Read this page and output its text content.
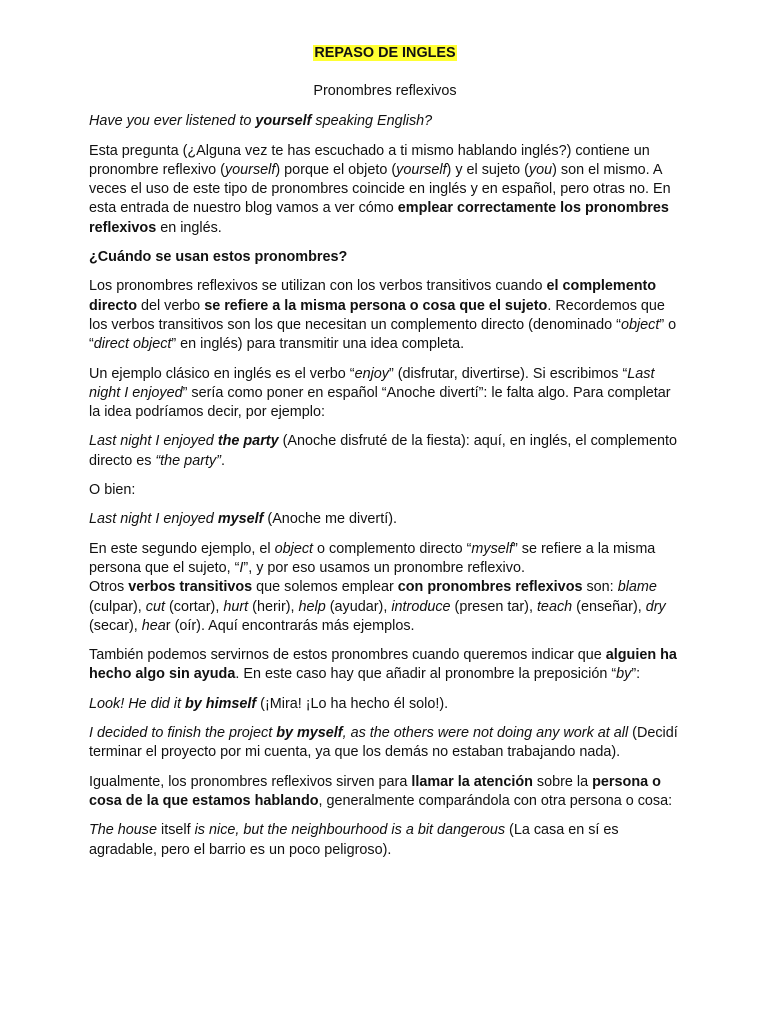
REPASO DE INGLES

Pronombres reflexivos

Have you ever listened to yourself speaking English?

Esta pregunta (¿Alguna vez te has escuchado a ti mismo hablando inglés?) contiene un pronombre reflexivo (yourself) porque el objeto (yourself) y el sujeto (you) son el mismo. A veces el uso de este tipo de pronombres coincide en inglés y en español, pero otras no. En esta entrada de nuestro blog vamos a ver cómo emplear correctamente los pronombres reflexivos en inglés.

¿Cuándo se usan estos pronombres?

Los pronombres reflexivos se utilizan con los verbos transitivos cuando el complemento directo del verbo se refiere a la misma persona o cosa que el sujeto. Recordemos que los verbos transitivos son los que necesitan un complemento directo (denominado “object” o “direct object” en inglés) para transmitir una idea completa.

Un ejemplo clásico en inglés es el verbo “enjoy” (disfrutar, divertirse). Si escribimos “Last night I enjoyed” sería como poner en español “Anoche divertí”: le falta algo. Para completar la idea podríamos decir, por ejemplo:

Last night I enjoyed the party (Anoche disfruté de la fiesta): aquí, en inglés, el complemento directo es “the party”.

O bien:

Last night I enjoyed myself (Anoche me divertí).

En este segundo ejemplo, el object o complemento directo “myself” se refiere a la misma persona que el sujeto, “I”, y por eso usamos un pronombre reflexivo.
Otros verbos transitivos que solemos emplear con pronombres reflexivos son: blame (culpar), cut (cortar), hurt (herir), help (ayudar), introduce (presen tar), teach (enseñar), dry (secar), hear (oír). Aquí encontrarás más ejemplos.

También podemos servirnos de estos pronombres cuando queremos indicar que alguien ha hecho algo sin ayuda. En este caso hay que añadir al pronombre la preposición “by”:

Look! He did it by himself (¡Mira! ¡Lo ha hecho él solo!).

I decided to finish the project by myself, as the others were not doing any work at all (Decidí terminar el proyecto por mi cuenta, ya que los demás no estaban trabajando nada).

Igualmente, los pronombres reflexivos sirven para llamar la atención sobre la persona o cosa de la que estamos hablando, generalmente comparándola con otra persona o cosa:

The house itself is nice, but the neighbourhood is a bit dangerous (La casa en sí es agradable, pero el barrio es un poco peligroso).
